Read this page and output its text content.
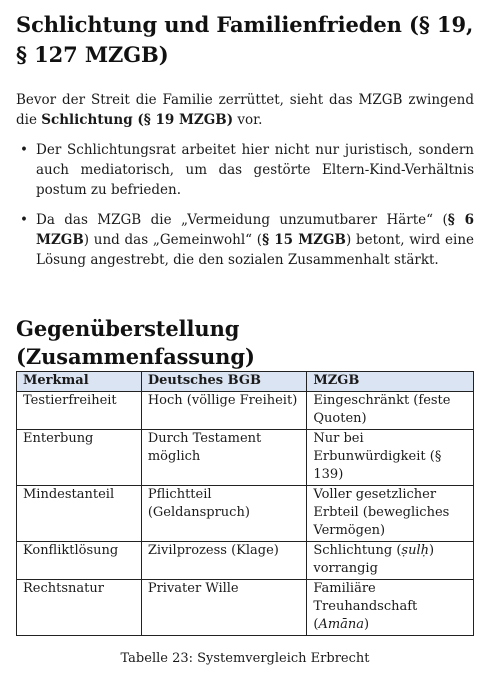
Schlichtung und Familienfrieden (§ 19, § 127 MZGB)

Bevor der Streit die Familie zerrüttet, sieht das MZGB zwingend die Schlichtung (§ 19 MZGB) vor.

• Der Schlichtungsrat arbeitet hier nicht nur juristisch, sondern auch mediatorisch, um das gestörte Eltern-Kind-Verhältnis postum zu befrieden.
• Da das MZGB die „Vermeidung unzumutbarer Härte“ (§ 6 MZGB) und das „Gemeinwohl“ (§ 15 MZGB) betont, wird eine Lösung angestrebt, die den sozialen Zusammenhalt stärkt.
Gegenüberstellung (Zusammenfassung)
Merkmal	Deutsches BGB	MZGB
Testierfreiheit	Hoch (völlige Freiheit)	Eingeschränkt (feste Quoten)
Enterbung	Durch Testament möglich	Nur bei Erbunwürdigkeit (§ 139)
Mindestanteil	Pflichtteil (Geldanspruch)	Voller gesetzlicher Erbteil (bewegliches Vermögen)
Konfliktlösung	Zivilprozess (Klage)	Schlichtung (ṣulḥ) vorrangig
Rechtsnatur	Privater Wille	Familiäre Treuhandschaft (Amāna)
Tabelle 23: Systemvergleich Erbrecht
